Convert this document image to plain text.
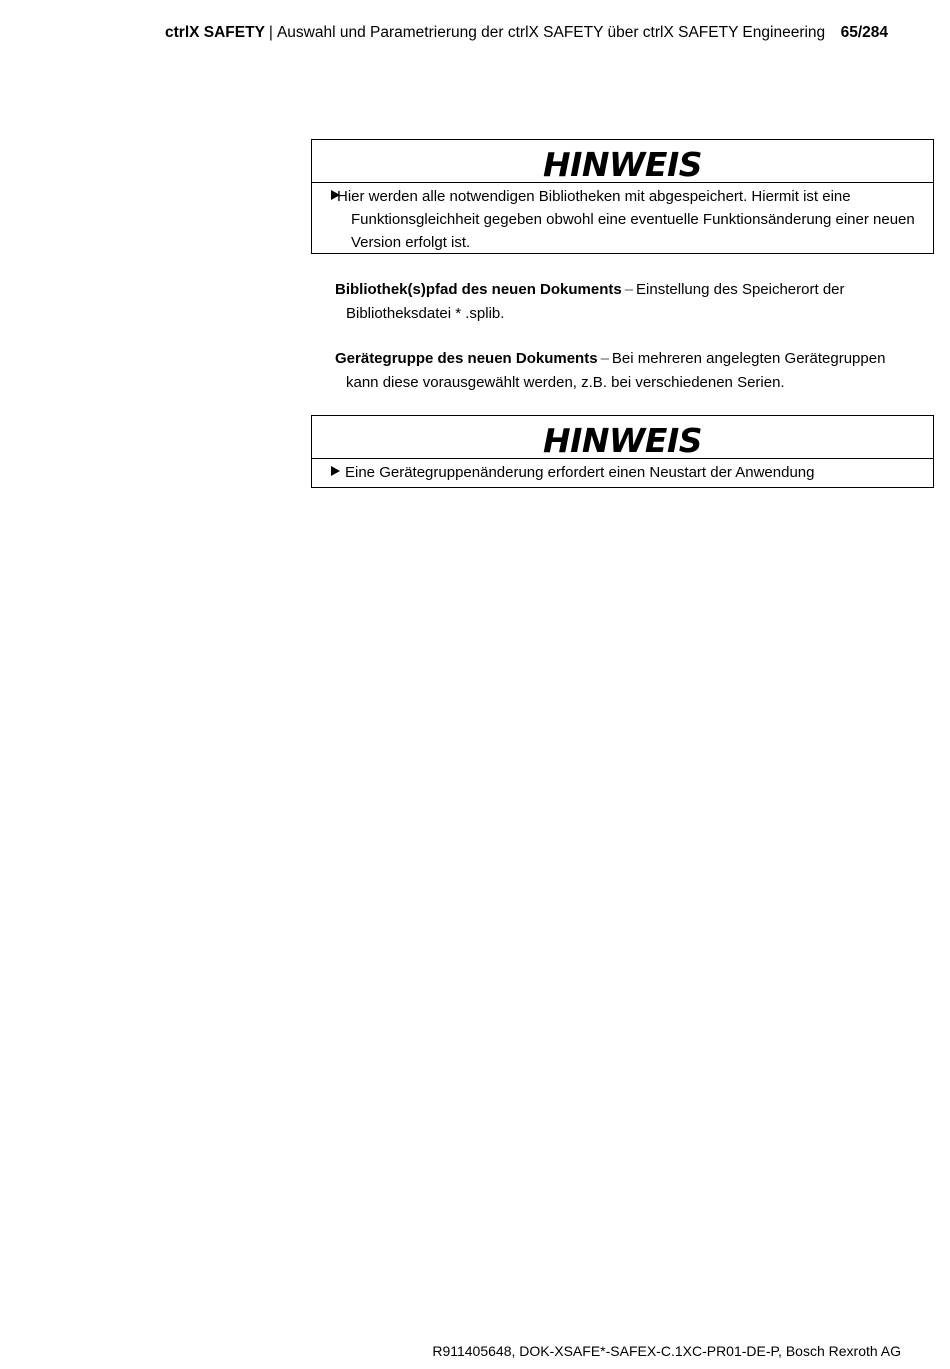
ctrlX SAFETY | Auswahl und Parametrierung der ctrlX SAFETY über ctrlX SAFETY Engineering 65/284
HINWEIS
Hier werden alle notwendigen Bibliotheken mit abgespeichert. Hiermit ist eine
Funktionsgleichheit gegeben obwohl eine eventuelle Funktionsänderung einer neuen
Version erfolgt ist.
Bibliothek(s)pfad des neuen Dokuments – Einstellung des Speicherort der
Bibliotheksdatei * .splib.
Gerätegruppe des neuen Dokuments – Bei mehreren angelegten Gerätegruppen
kann diese vorausgewählt werden, z.B. bei verschiedenen Serien.
HINWEIS
Eine Gerätegruppenänderung erfordert einen Neustart der Anwendung
R911405648, DOK-XSAFE*-SAFEX-C.1XC-PR01-DE-P, Bosch Rexroth AG
